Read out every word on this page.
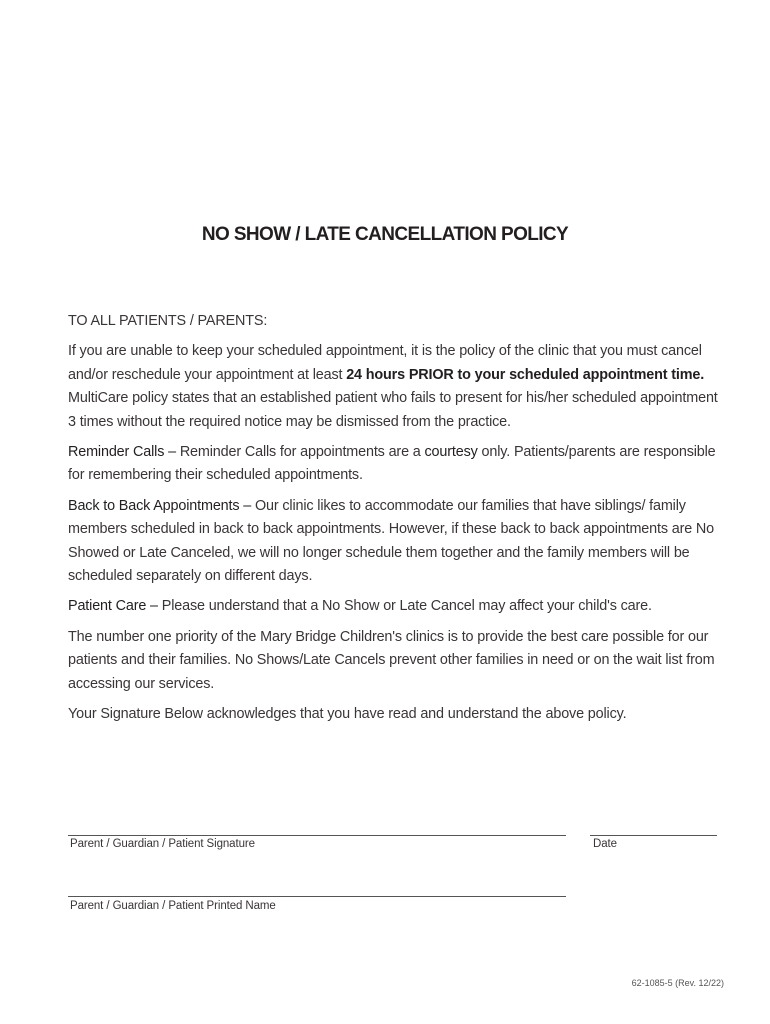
NO SHOW / LATE CANCELLATION POLICY

TO ALL PATIENTS / PARENTS:

If you are unable to keep your scheduled appointment, it is the policy of the clinic that you must cancel and/or reschedule your appointment at least 24 hours PRIOR to your scheduled appointment time. MultiCare policy states that an established patient who fails to present for his/her scheduled appointment 3 times without the required notice may be dismissed from the practice.

Reminder Calls – Reminder Calls for appointments are a courtesy only. Patients/parents are responsible for remembering their scheduled appointments.

Back to Back Appointments – Our clinic likes to accommodate our families that have siblings/ family members scheduled in back to back appointments. However, if these back to back appointments are No Showed or Late Canceled, we will no longer schedule them together and the family members will be scheduled separately on different days.

Patient Care – Please understand that a No Show or Late Cancel may affect your child's care.

The number one priority of the Mary Bridge Children's clinics is to provide the best care possible for our patients and their families. No Shows/Late Cancels prevent other families in need or on the wait list from accessing our services.

Your Signature Below acknowledges that you have read and understand the above policy.

Parent / Guardian / Patient Signature	Date
Parent / Guardian / Patient Printed Name
62-1085-5 (Rev. 12/22)
